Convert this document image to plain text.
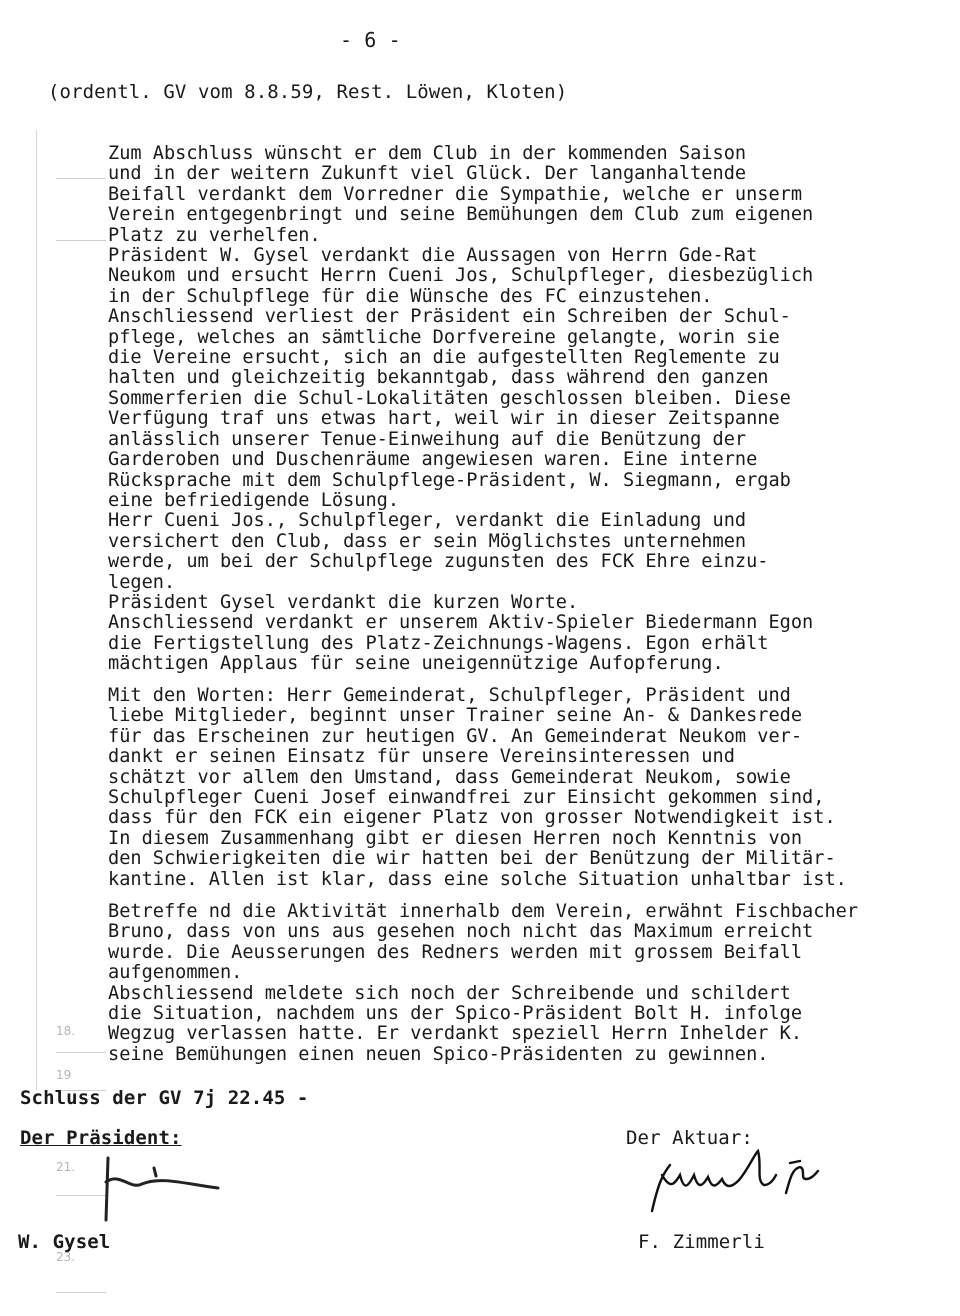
18.
19
21.
23.
- 6 -
(ordentl. GV vom 8.8.59, Rest. Löwen, Kloten)
Zum Abschluss wünscht er dem Club in der kommenden Saison
und in der weitern Zukunft viel Glück. Der langanhaltende
Beifall verdankt dem Vorredner die Sympathie, welche er unserm
Verein entgegenbringt und seine Bemühungen dem Club zum eigenen
Platz zu verhelfen.
Präsident W. Gysel verdankt die Aussagen von Herrn Gde-Rat
Neukom und ersucht Herrn Cueni Jos, Schulpfleger, diesbezüglich
in der Schulpflege für die Wünsche des FC einzustehen.
Anschliessend verliest der Präsident ein Schreiben der Schul-
pflege, welches an sämtliche Dorfvereine gelangte, worin sie
die Vereine ersucht, sich an die aufgestellten Reglemente zu
halten und gleichzeitig bekanntgab, dass während den ganzen
Sommerferien die Schul-Lokalitäten geschlossen bleiben. Diese
Verfügung traf uns etwas hart, weil wir in dieser Zeitspanne
anlässlich unserer Tenue-Einweihung auf die Benützung der
Garderoben und Duschenräume angewiesen waren. Eine interne
Rücksprache mit dem Schulpflege-Präsident, W. Siegmann, ergab
eine befriedigende Lösung.
Herr Cueni Jos., Schulpfleger, verdankt die Einladung und
versichert den Club, dass er sein Möglichstes unternehmen
werde, um bei der Schulpflege zugunsten des FCK Ehre einzu-
legen.
Präsident Gysel verdankt die kurzen Worte.
Anschliessend verdankt er unserem Aktiv-Spieler Biedermann Egon
die Fertigstellung des Platz-Zeichnungs-Wagens. Egon erhält
mächtigen Applaus für seine uneigennützige Aufopferung.
Mit den Worten: Herr Gemeinderat, Schulpfleger, Präsident und
liebe Mitglieder, beginnt unser Trainer seine An- & Dankesrede
für das Erscheinen zur heutigen GV. An Gemeinderat Neukom ver-
dankt er seinen Einsatz für unsere Vereinsinteressen und
schätzt vor allem den Umstand, dass Gemeinderat Neukom, sowie
Schulpfleger Cueni Josef einwandfrei zur Einsicht gekommen sind,
dass für den FCK ein eigener Platz von grosser Notwendigkeit ist.
In diesem Zusammenhang gibt er diesen Herren noch Kenntnis von
den Schwierigkeiten die wir hatten bei der Benützung der Militär-
kantine. Allen ist klar, dass eine solche Situation unhaltbar ist.
Betreffe nd die Aktivität innerhalb dem Verein, erwähnt Fischbacher
Bruno, dass von uns aus gesehen noch nicht das Maximum erreicht
wurde. Die Aeusserungen des Redners werden mit grossem Beifall
aufgenommen.
Abschliessend meldete sich noch der Schreibende und schildert
die Situation, nachdem uns der Spico-Präsident Bolt H. infolge
Wegzug verlassen hatte. Er verdankt speziell Herrn Inhelder K.
seine Bemühungen einen neuen Spico-Präsidenten zu gewinnen.
Schluss der GV 7j 22.45 -
Der Präsident:	Der Aktuar:
W. Gysel	F. Zimmerli
